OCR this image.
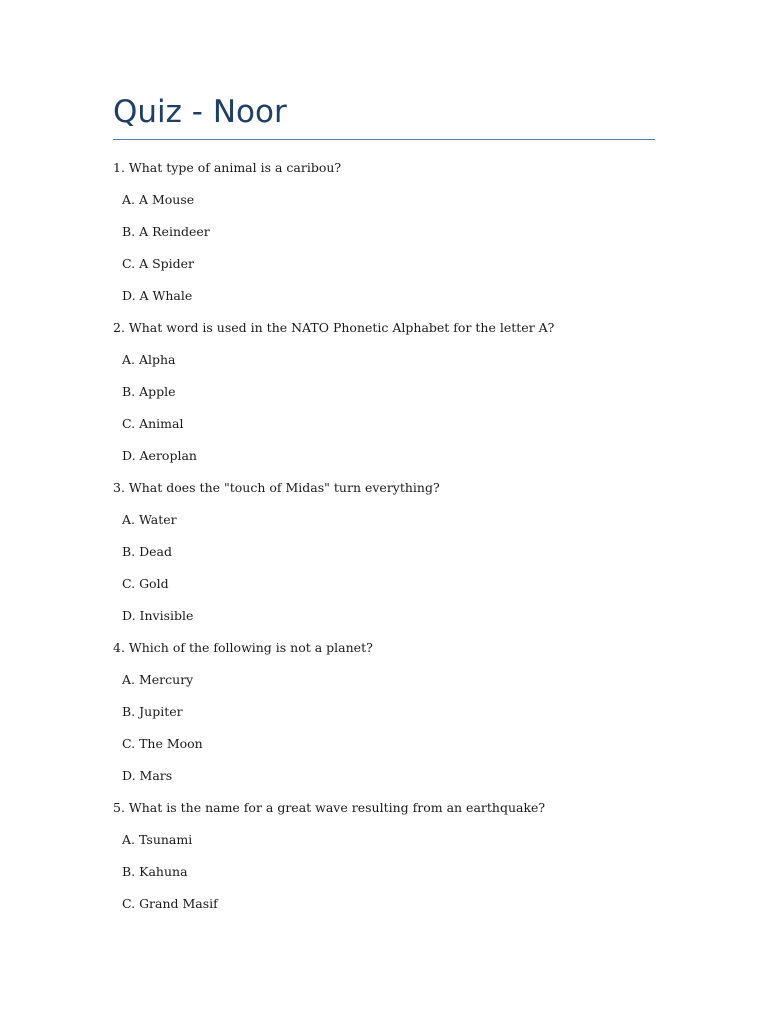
Quiz - Noor
1. What type of animal is a caribou?
A. A Mouse
B. A Reindeer
C. A Spider
D. A Whale
2. What word is used in the NATO Phonetic Alphabet for the letter A?
A. Alpha
B. Apple
C. Animal
D. Aeroplan
3. What does the "touch of Midas" turn everything?
A. Water
B. Dead
C. Gold
D. Invisible
4. Which of the following is not a planet?
A. Mercury
B. Jupiter
C. The Moon
D. Mars
5. What is the name for a great wave resulting from an earthquake?
A. Tsunami
B. Kahuna
C. Grand Masif
